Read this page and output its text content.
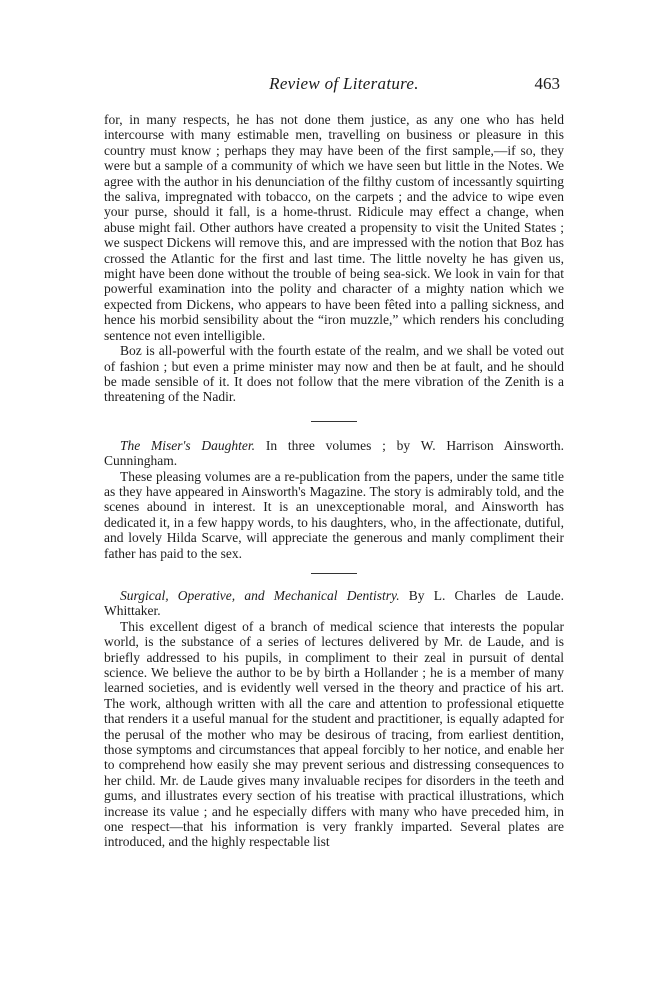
Review of Literature.	463

for, in many respects, he has not done them justice, as any one who has held intercourse with many estimable men, travelling on business or pleasure in this country must know ; perhaps they may have been of the first sample,—if so, they were but a sample of a community of which we have seen but little in the Notes. We agree with the author in his denunciation of the filthy custom of incessantly squirting the saliva, impregnated with tobacco, on the carpets ; and the advice to wipe even your purse, should it fall, is a home-thrust. Ridicule may effect a change, when abuse might fail. Other authors have created a propensity to visit the United States ; we suspect Dickens will remove this, and are impressed with the notion that Boz has crossed the Atlantic for the first and last time. The little novelty he has given us, might have been done without the trouble of being sea-sick. We look in vain for that powerful examination into the polity and character of a mighty nation which we expected from Dickens, who appears to have been fêted into a palling sickness, and hence his morbid sensibility about the “iron muzzle,” which renders his concluding sentence not even intelligible.

Boz is all-powerful with the fourth estate of the realm, and we shall be voted out of fashion ; but even a prime minister may now and then be at fault, and he should be made sensible of it. It does not follow that the mere vibration of the Zenith is a threatening of the Nadir.

The Miser's Daughter. In three volumes ; by W. Harrison Ainsworth. Cunningham.

These pleasing volumes are a re-publication from the papers, under the same title as they have appeared in Ainsworth's Magazine. The story is admirably told, and the scenes abound in interest. It is an unexceptionable moral, and Ainsworth has dedicated it, in a few happy words, to his daughters, who, in the affectionate, dutiful, and lovely Hilda Scarve, will appreciate the generous and manly compliment their father has paid to the sex.

Surgical, Operative, and Mechanical Dentistry. By L. Charles de Laude. Whittaker.

This excellent digest of a branch of medical science that interests the popular world, is the substance of a series of lectures delivered by Mr. de Laude, and is briefly addressed to his pupils, in compliment to their zeal in pursuit of dental science. We believe the author to be by birth a Hollander ; he is a member of many learned societies, and is evidently well versed in the theory and practice of his art. The work, although written with all the care and attention to professional etiquette that renders it a useful manual for the student and practitioner, is equally adapted for the perusal of the mother who may be desirous of tracing, from earliest dentition, those symptoms and circumstances that appeal forcibly to her notice, and enable her to comprehend how easily she may prevent serious and distressing consequences to her child. Mr. de Laude gives many invaluable recipes for disorders in the teeth and gums, and illustrates every section of his treatise with practical illustrations, which increase its value ; and he especially differs with many who have preceded him, in one respect—that his information is very frankly imparted. Several plates are introduced, and the highly respectable list
